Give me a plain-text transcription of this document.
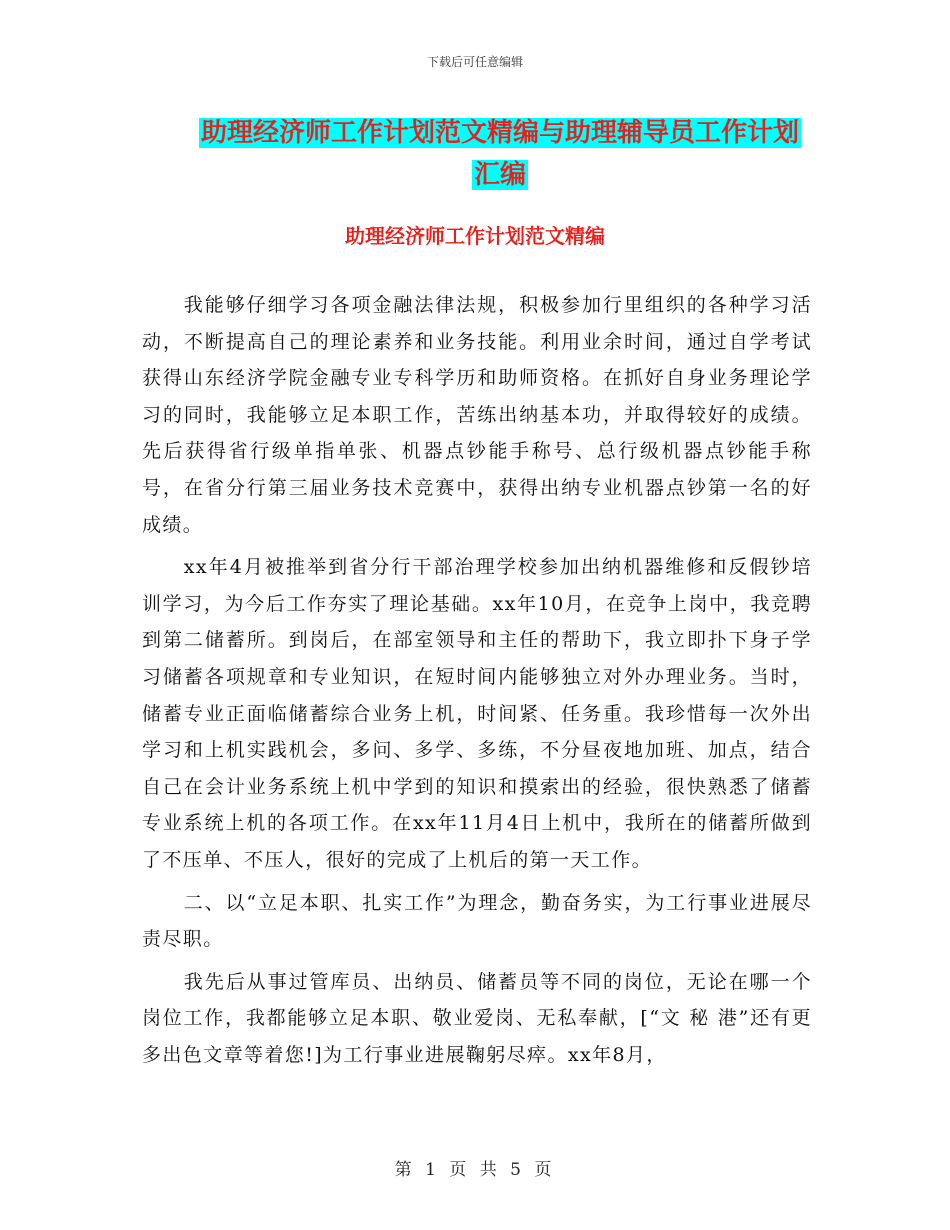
下载后可任意编辑
助理经济师工作计划范文精编与助理辅导员工作计划
汇编
助理经济师工作计划范文精编

我能够仔细学习各项金融法律法规，积极参加行里组织的各种学习活动，不断提高自己的理论素养和业务技能。利用业余时间，通过自学考试获得山东经济学院金融专业专科学历和助师资格。在抓好自身业务理论学习的同时，我能够立足本职工作，苦练出纳基本功，并取得较好的成绩。先后获得省行级单指单张、机器点钞能手称号、总行级机器点钞能手称号，在省分行第三届业务技术竞赛中，获得出纳专业机器点钞第一名的好成绩。

xx年4月被推举到省分行干部治理学校参加出纳机器维修和反假钞培训学习，为今后工作夯实了理论基础。xx年10月，在竞争上岗中，我竞聘到第二储蓄所。到岗后，在部室领导和主任的帮助下，我立即扑下身子学习储蓄各项规章和专业知识，在短时间内能够独立对外办理业务。当时，储蓄专业正面临储蓄综合业务上机，时间紧、任务重。我珍惜每一次外出学习和上机实践机会，多问、多学、多练，不分昼夜地加班、加点，结合自己在会计业务系统上机中学到的知识和摸索出的经验，很快熟悉了储蓄专业系统上机的各项工作。在xx年11月4日上机中，我所在的储蓄所做到了不压单、不压人，很好的完成了上机后的第一天工作。

二、以“立足本职、扎实工作”为理念，勤奋务实，为工行事业进展尽责尽职。

我先后从事过管库员、出纳员、储蓄员等不同的岗位，无论在哪一个岗位工作，我都能够立足本职、敬业爱岗、无私奉献，[“文 秘 港”还有更多出色文章等着您!]为工行事业进展鞠躬尽瘁。xx年8月，

第 1 页 共 5 页
